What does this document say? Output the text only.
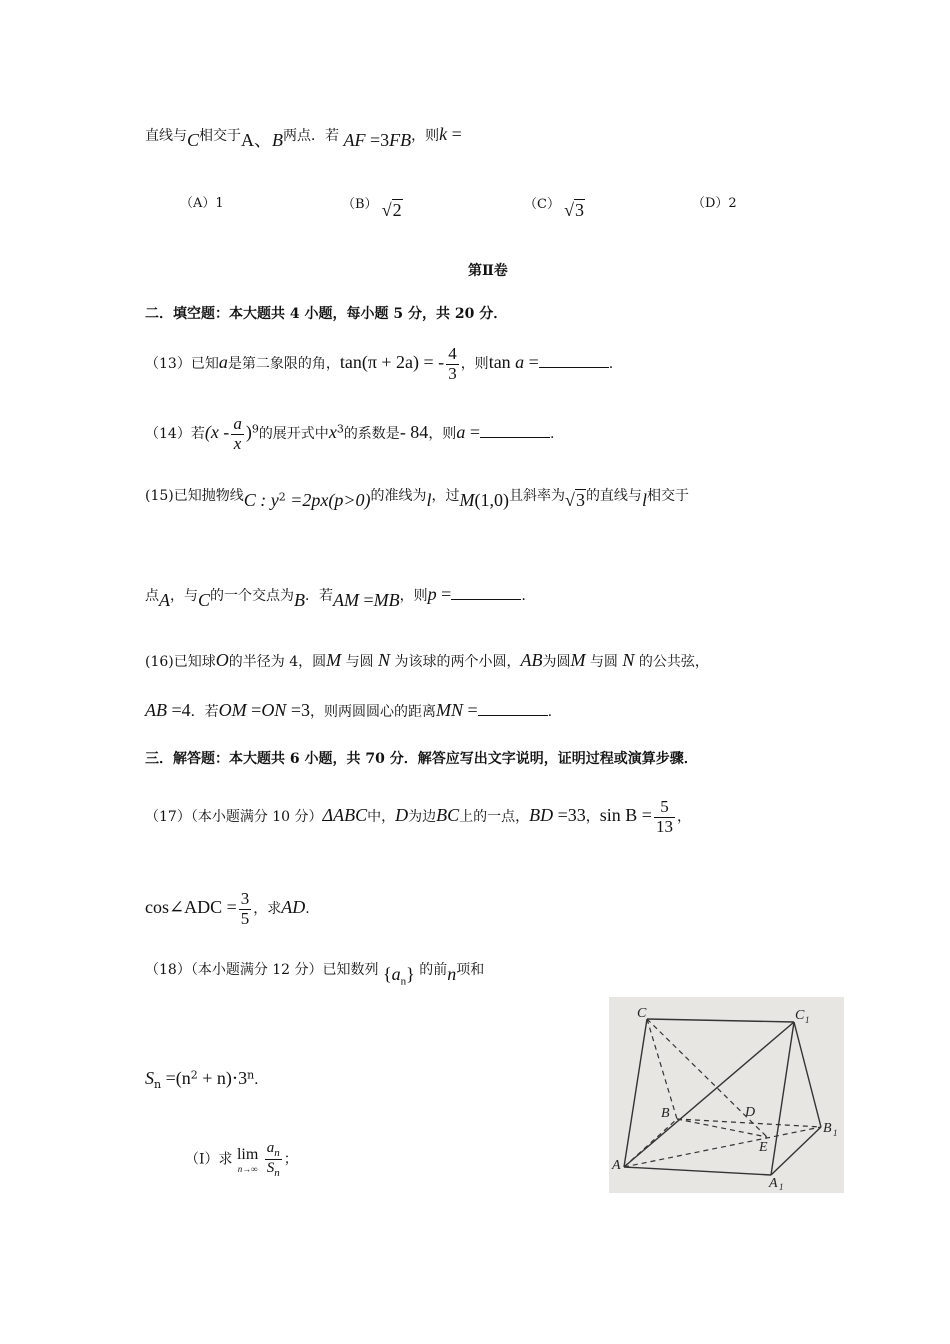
直线与C相交于A、B两点．若 AF =3FB，则k =
（A）1	（B） √2	（C） √3	（D）2
第Ⅱ卷
二．填空题：本大题共 4 小题，每小题 5 分，共 20 分．
（13）已知a是第二象限的角，tan(π + 2a) = - $\frac{4}{3}$ ，则tan a =	.
（14）若$(x - \frac{a}{x} )^9$的展开式中$x^3$的系数是- 84，则a =	.
(15)已知抛物线C : $y^2 =2px(p>0)$的准线为l，过M(1,0)且斜率为√3的直线与l相交于
点A，与C的一个交点为B．若AM =MB，则p =	.
(16)已知球O的半径为 4，圆M 与圆 N 为该球的两个小圆，AB为圆M 与圆 N 的公共弦，
AB =4．若OM =ON =3，则两圆圆心的距离MN =	.
三．解答题：本大题共 6 小题，共 70 分．解答应写出文字说明，证明过程或演算步骤．
（17）（本小题满分 10 分）ΔABC中，D为边BC上的一点，BD =33，$\sin B = \frac{5}{13}$ ，
cos∠ADC = $\frac{3}{5}$ ，求AD.
（18）（本小题满分 12 分）已知数列 $\{a_n\}$ 的前n项和
$S_n =(n^2 + n)\cdot 3^n$．
（Ⅰ）求 lim
n→∞
$\frac{a_n}{S_n}$ ；
C	C 1
B	D
B 1
E
A
A 1
